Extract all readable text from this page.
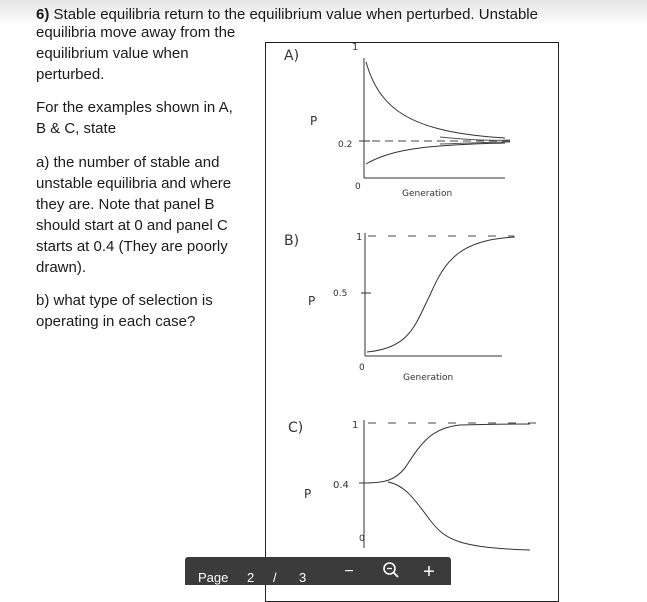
6) Stable equilibria return to the equilibrium value when perturbed. Unstable
equilibria move away from the
equilibrium value when
perturbed.
For the examples shown in A,
B & C, state
a) the number of stable and
unstable equilibria and where
they are. Note that panel B
should start at 0 and panel C
starts at 0.4 (They are poorly
drawn).
b) what type of selection is
operating in each case?
A)
P
1
0.2
0
Generation
B)
P
1
0.5
0
Generation
C)
P
1
0.4
0
Page 2 / 3	−	+
